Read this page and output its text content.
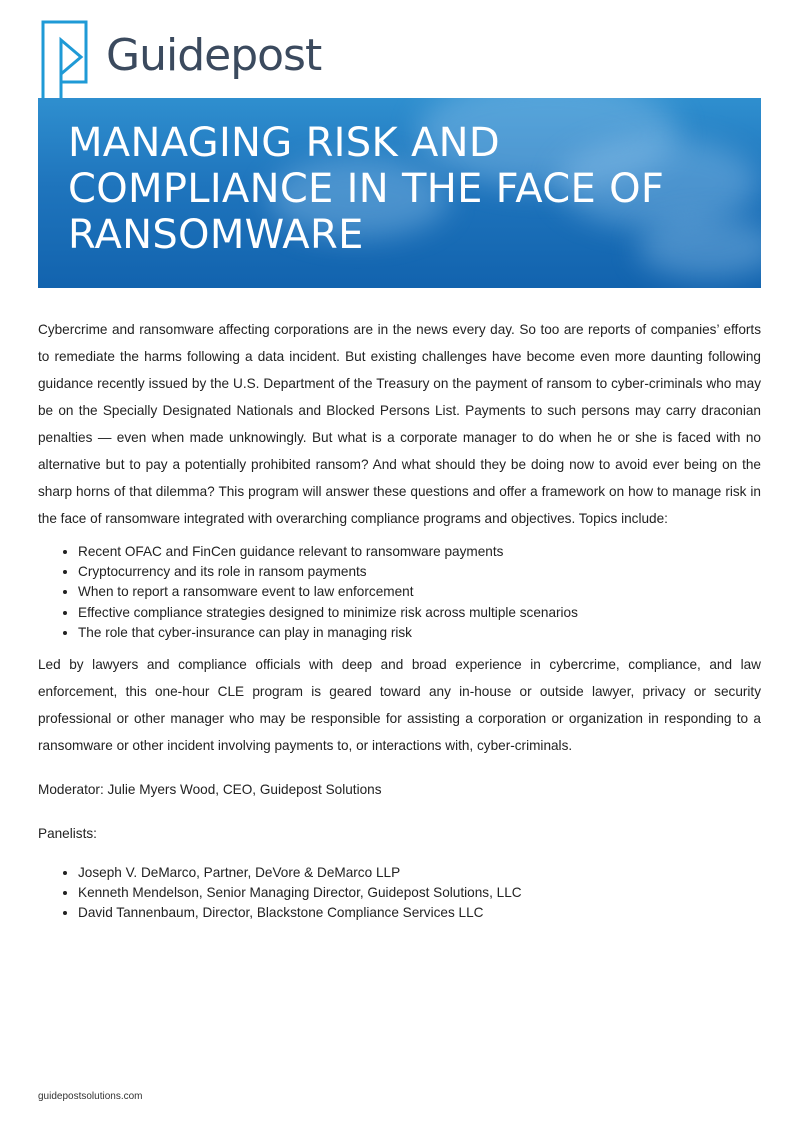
Guidepost
MANAGING RISK AND COMPLIANCE IN THE FACE OF RANSOMWARE

Cybercrime and ransomware affecting corporations are in the news every day. So too are reports of companies’ efforts to remediate the harms following a data incident. But existing challenges have become even more daunting following guidance recently issued by the U.S. Department of the Treasury on the payment of ransom to cyber-criminals who may be on the Specially Designated Nationals and Blocked Persons List. Payments to such persons may carry draconian penalties — even when made unknowingly. But what is a corporate manager to do when he or she is faced with no alternative but to pay a potentially prohibited ransom? And what should they be doing now to avoid ever being on the sharp horns of that dilemma? This program will answer these questions and offer a framework on how to manage risk in the face of ransomware integrated with overarching compliance programs and objectives. Topics include:

• Recent OFAC and FinCen guidance relevant to ransomware payments
• Cryptocurrency and its role in ransom payments
• When to report a ransomware event to law enforcement
• Effective compliance strategies designed to minimize risk across multiple scenarios
• The role that cyber-insurance can play in managing risk

Led by lawyers and compliance officials with deep and broad experience in cybercrime, compliance, and law enforcement, this one-hour CLE program is geared toward any in-house or outside lawyer, privacy or security professional or other manager who may be responsible for assisting a corporation or organization in responding to a ransomware or other incident involving payments to, or interactions with, cyber-criminals.

Moderator: Julie Myers Wood, CEO, Guidepost Solutions

Panelists:

• Joseph V. DeMarco, Partner, DeVore & DeMarco LLP
• Kenneth Mendelson, Senior Managing Director, Guidepost Solutions, LLC
• David Tannenbaum, Director, Blackstone Compliance Services LLC
guidepostsolutions.com
